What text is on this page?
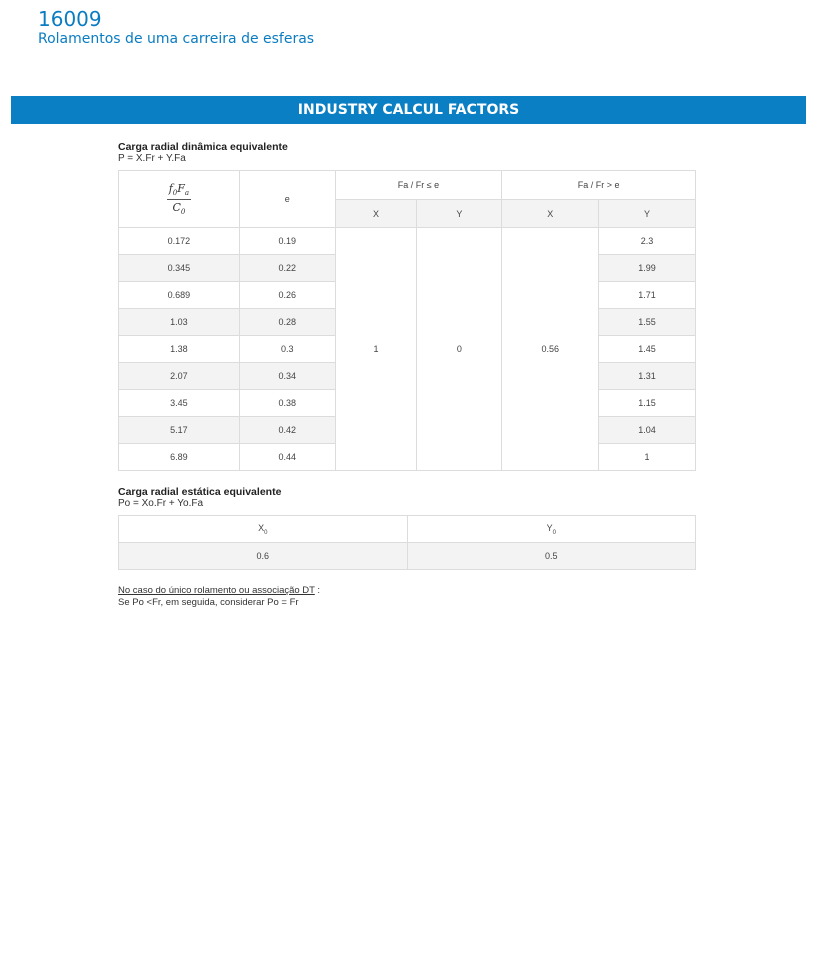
16009
Rolamentos de uma carreira de esferas
INDUSTRY CALCUL FACTORS
Carga radial dinâmica equivalente
P = X.Fr + Y.Fa
$\frac{f_0F_a}{C_0}$	e	Fa / Fr ≤ e		Fa / Fr > e	
		X	Y	X	Y
0.172	0.19	1	0	0.56	2.3
0.345	0.22				1.99
0.689	0.26				1.71
1.03	0.28				1.55
1.38	0.3				1.45
2.07	0.34				1.31
3.45	0.38				1.15
5.17	0.42				1.04
6.89	0.44				1
Carga radial estática equivalente
Po = Xo.Fr + Yo.Fa
$X_0$	$Y_0$
0.6	0.5
No caso do único rolamento ou associação DT :
Se Po <Fr, em seguida, considerar Po = Fr
